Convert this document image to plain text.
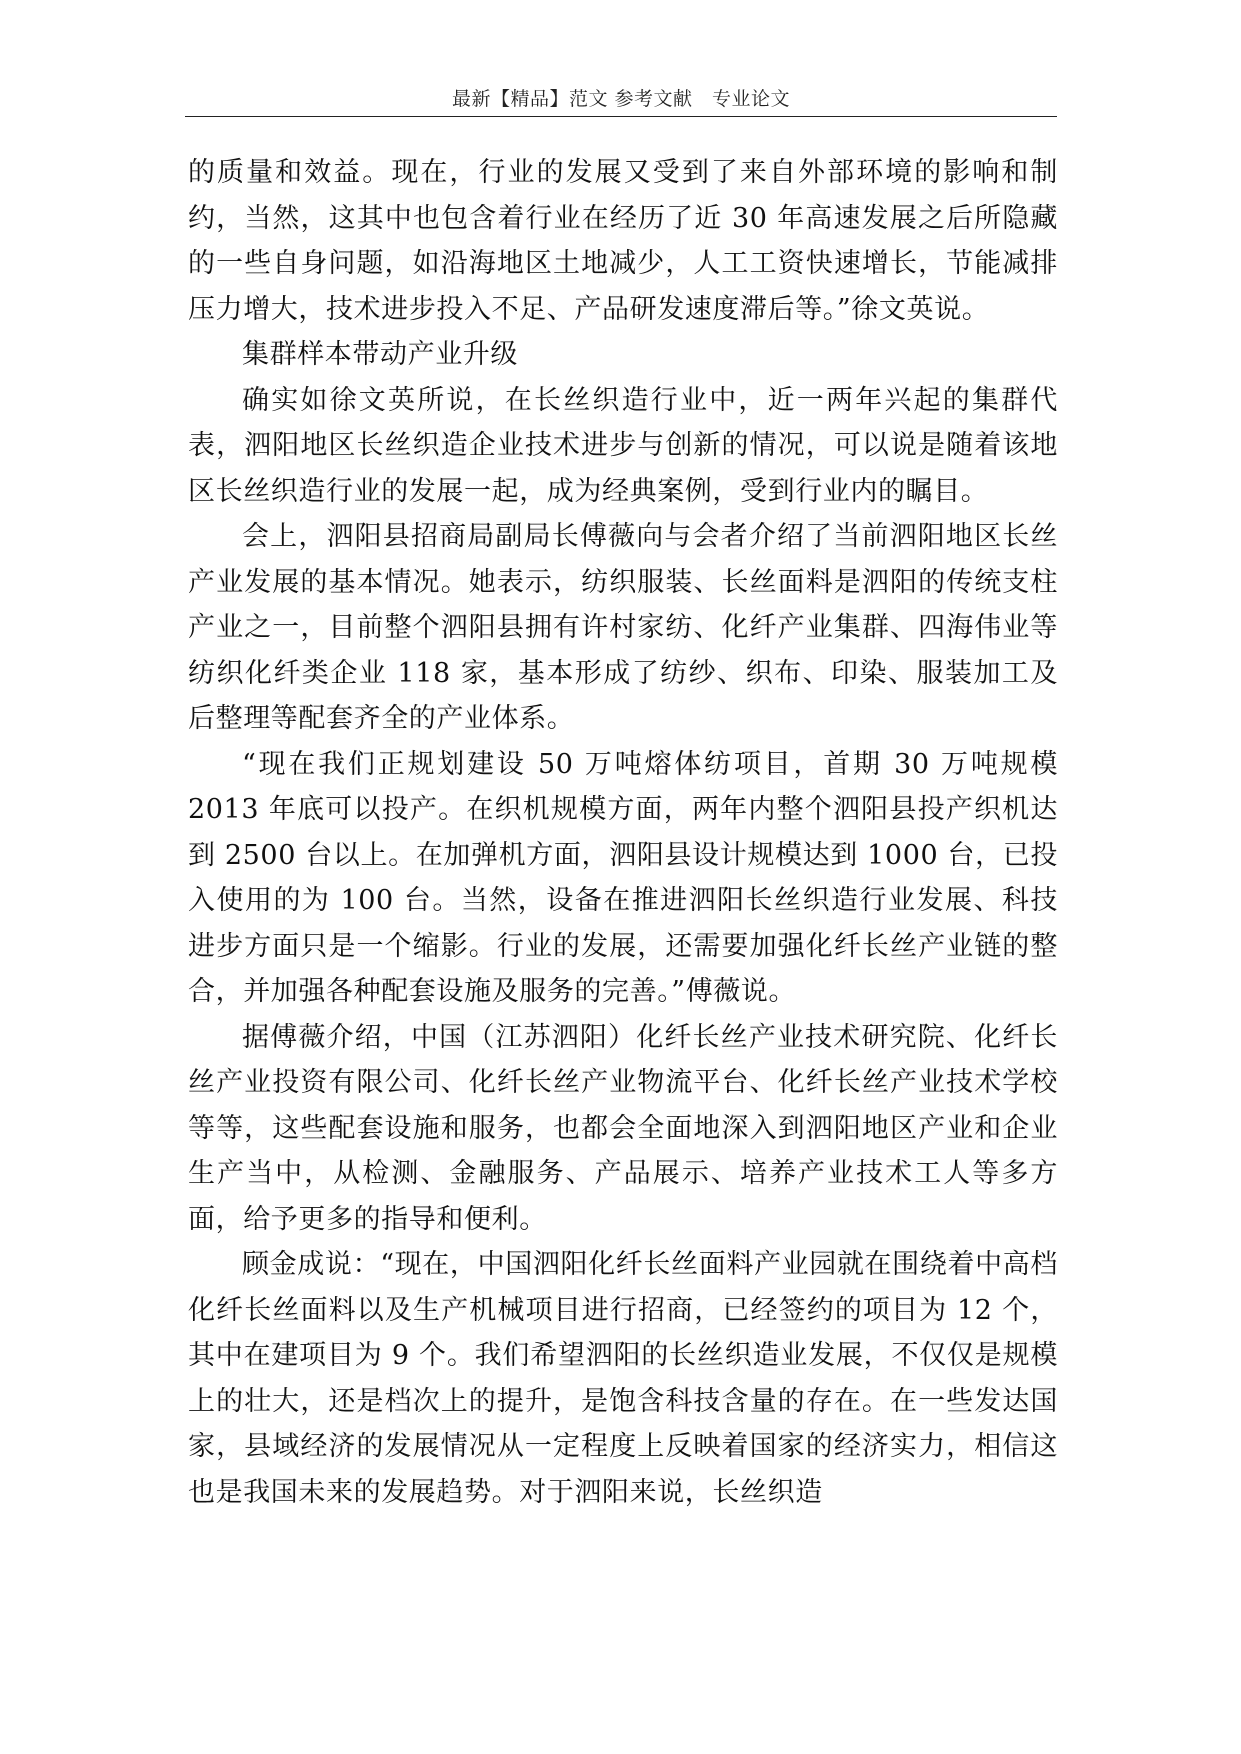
最新【精品】范文 参考文献　专业论文

的质量和效益。现在，行业的发展又受到了来自外部环境的影响和制约，当然，这其中也包含着行业在经历了近 30 年高速发展之后所隐藏的一些自身问题，如沿海地区土地减少，人工工资快速增长，节能减排压力增大，技术进步投入不足、产品研发速度滞后等。”徐文英说。

集群样本带动产业升级

确实如徐文英所说，在长丝织造行业中，近一两年兴起的集群代表，泗阳地区长丝织造企业技术进步与创新的情况，可以说是随着该地区长丝织造行业的发展一起，成为经典案例，受到行业内的瞩目。

会上，泗阳县招商局副局长傅薇向与会者介绍了当前泗阳地区长丝产业发展的基本情况。她表示，纺织服装、长丝面料是泗阳的传统支柱产业之一，目前整个泗阳县拥有许村家纺、化纤产业集群、四海伟业等纺织化纤类企业 118 家，基本形成了纺纱、织布、印染、服装加工及后整理等配套齐全的产业体系。

“现在我们正规划建设 50 万吨熔体纺项目，首期 30 万吨规模 2013 年底可以投产。在织机规模方面，两年内整个泗阳县投产织机达到 2500 台以上。在加弹机方面，泗阳县设计规模达到 1000 台，已投入使用的为 100 台。当然，设备在推进泗阳长丝织造行业发展、科技进步方面只是一个缩影。行业的发展，还需要加强化纤长丝产业链的整合，并加强各种配套设施及服务的完善。”傅薇说。

据傅薇介绍，中国（江苏泗阳）化纤长丝产业技术研究院、化纤长丝产业投资有限公司、化纤长丝产业物流平台、化纤长丝产业技术学校等等，这些配套设施和服务，也都会全面地深入到泗阳地区产业和企业生产当中，从检测、金融服务、产品展示、培养产业技术工人等多方面，给予更多的指导和便利。

顾金成说：“现在，中国泗阳化纤长丝面料产业园就在围绕着中高档化纤长丝面料以及生产机械项目进行招商，已经签约的项目为 12 个，其中在建项目为 9 个。我们希望泗阳的长丝织造业发展，不仅仅是规模上的壮大，还是档次上的提升，是饱含科技含量的存在。在一些发达国家，县域经济的发展情况从一定程度上反映着国家的经济实力，相信这也是我国未来的发展趋势。对于泗阳来说，长丝织造
